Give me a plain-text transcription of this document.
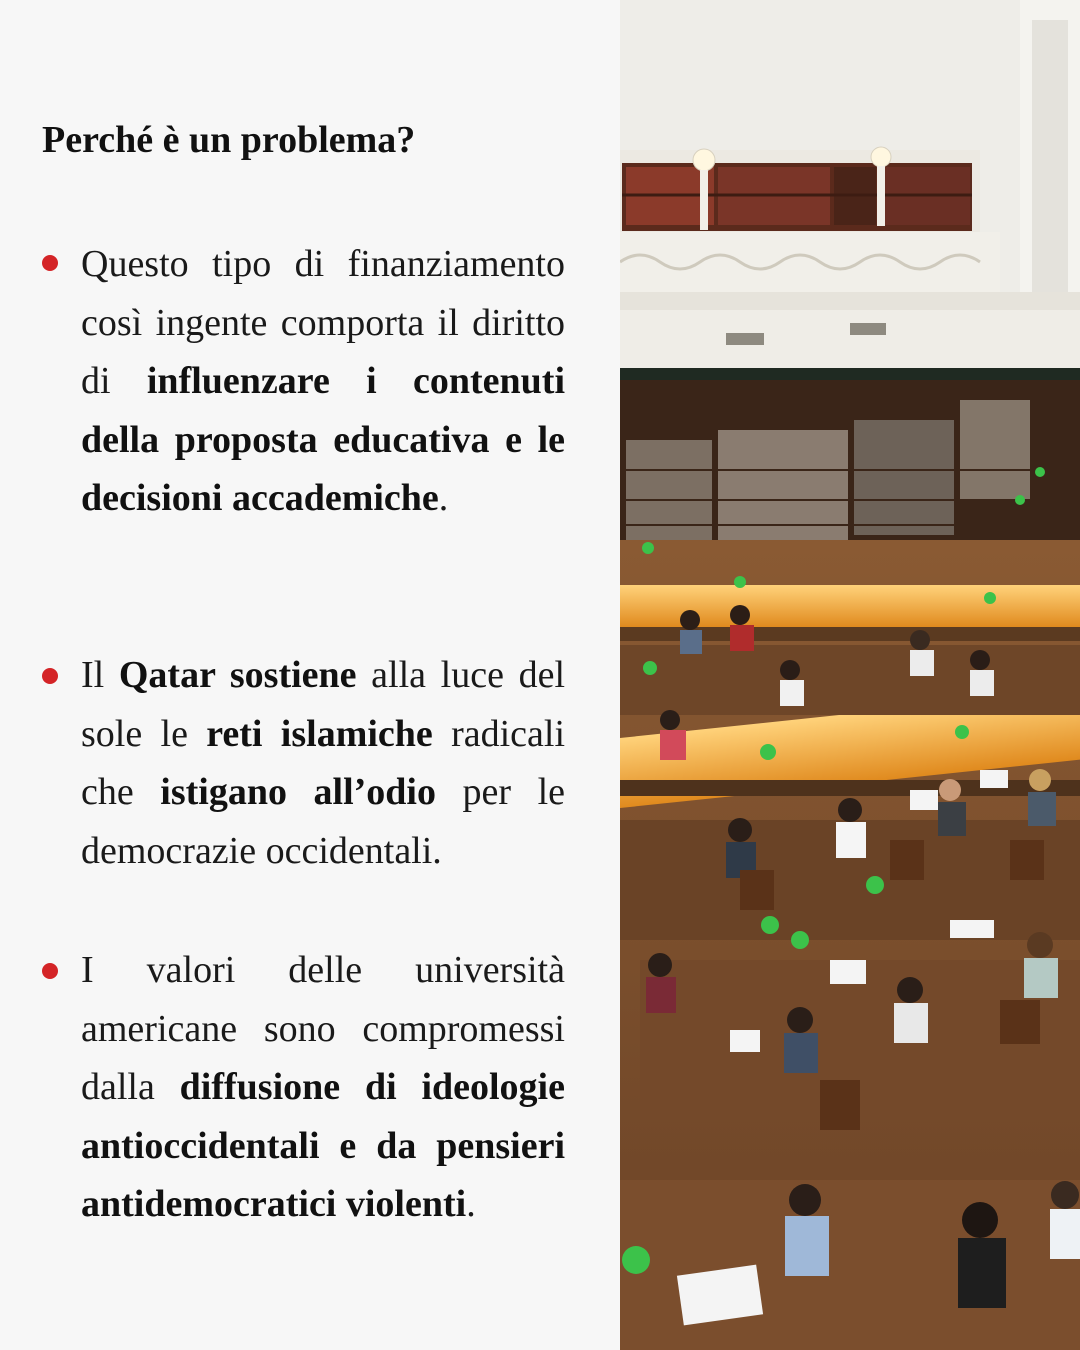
Perché è un problema?

Questo tipo di finanziamento così ingente comporta il diritto di influenzare i contenuti della proposta educativa e le decisioni accademiche.

Il Qatar sostiene alla luce del sole le reti islamiche radicali che istigano all’odio per le democrazie occidentali.

I valori delle università americane sono compromessi dalla diffusione di ideologie antioccidentali e da pensieri antidemocratici violenti.
